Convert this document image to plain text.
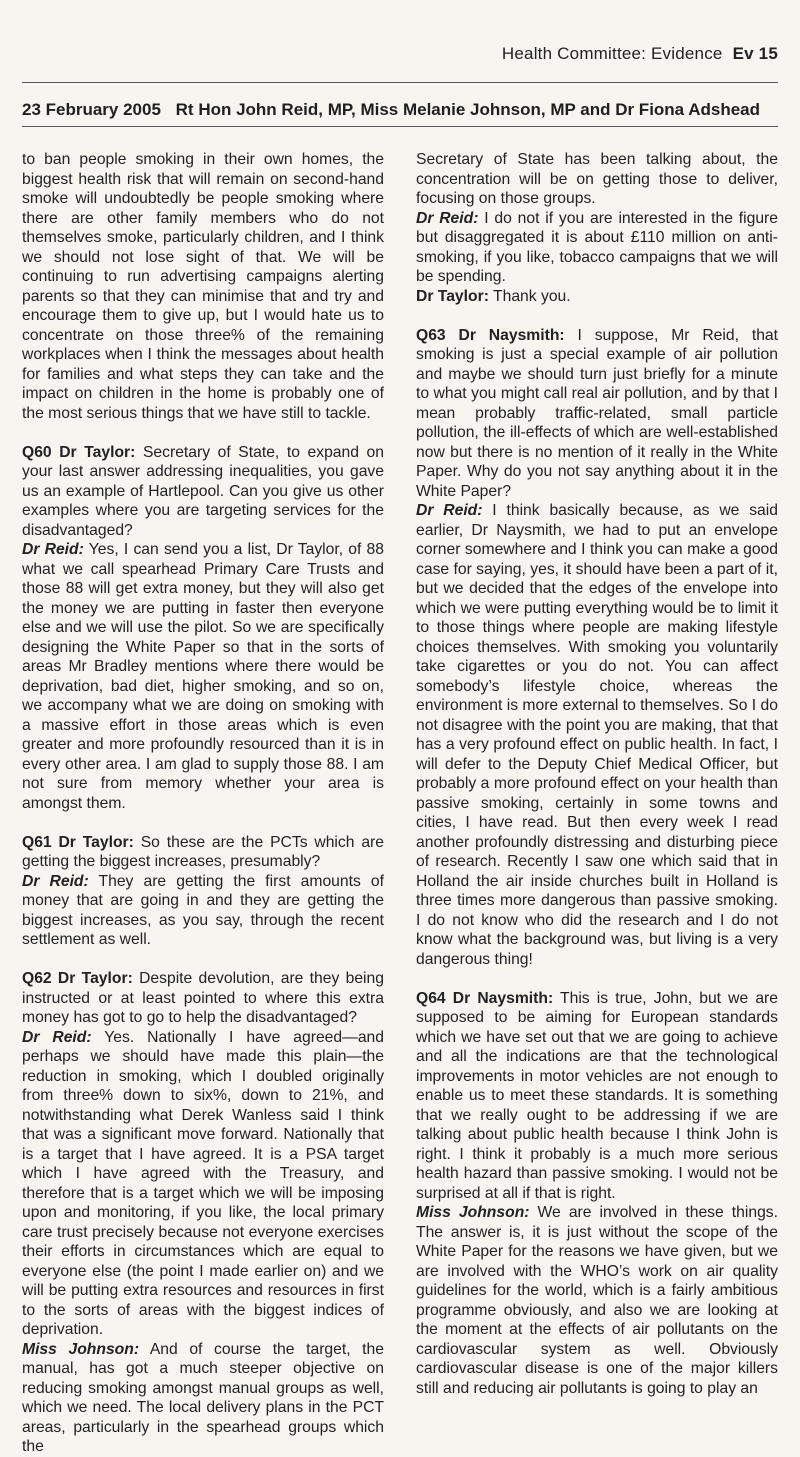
Health Committee: Evidence Ev 15
23 February 2005 Rt Hon John Reid, MP, Miss Melanie Johnson, MP and Dr Fiona Adshead

to ban people smoking in their own homes, the biggest health risk that will remain on second-hand smoke will undoubtedly be people smoking where there are other family members who do not themselves smoke, particularly children, and I think we should not lose sight of that. We will be continuing to run advertising campaigns alerting parents so that they can minimise that and try and encourage them to give up, but I would hate us to concentrate on those three% of the remaining workplaces when I think the messages about health for families and what steps they can take and the impact on children in the home is probably one of the most serious things that we have still to tackle.

Q60 Dr Taylor: Secretary of State, to expand on your last answer addressing inequalities, you gave us an example of Hartlepool. Can you give us other examples where you are targeting services for the disadvantaged?

Dr Reid: Yes, I can send you a list, Dr Taylor, of 88 what we call spearhead Primary Care Trusts and those 88 will get extra money, but they will also get the money we are putting in faster then everyone else and we will use the pilot. So we are specifically designing the White Paper so that in the sorts of areas Mr Bradley mentions where there would be deprivation, bad diet, higher smoking, and so on, we accompany what we are doing on smoking with a massive effort in those areas which is even greater and more profoundly resourced than it is in every other area. I am glad to supply those 88. I am not sure from memory whether your area is amongst them.

Q61 Dr Taylor: So these are the PCTs which are getting the biggest increases, presumably?

Dr Reid: They are getting the first amounts of money that are going in and they are getting the biggest increases, as you say, through the recent settlement as well.

Q62 Dr Taylor: Despite devolution, are they being instructed or at least pointed to where this extra money has got to go to help the disadvantaged?

Dr Reid: Yes. Nationally I have agreed—and perhaps we should have made this plain—the reduction in smoking, which I doubled originally from three% down to six%, down to 21%, and notwithstanding what Derek Wanless said I think that was a significant move forward. Nationally that is a target that I have agreed. It is a PSA target which I have agreed with the Treasury, and therefore that is a target which we will be imposing upon and monitoring, if you like, the local primary care trust precisely because not everyone exercises their efforts in circumstances which are equal to everyone else (the point I made earlier on) and we will be putting extra resources and resources in first to the sorts of areas with the biggest indices of deprivation.

Miss Johnson: And of course the target, the manual, has got a much steeper objective on reducing smoking amongst manual groups as well, which we need. The local delivery plans in the PCT areas, particularly in the spearhead groups which the

Secretary of State has been talking about, the concentration will be on getting those to deliver, focusing on those groups.

Dr Reid: I do not if you are interested in the figure but disaggregated it is about £110 million on anti-smoking, if you like, tobacco campaigns that we will be spending.

Dr Taylor: Thank you.

Q63 Dr Naysmith: I suppose, Mr Reid, that smoking is just a special example of air pollution and maybe we should turn just briefly for a minute to what you might call real air pollution, and by that I mean probably traffic-related, small particle pollution, the ill-effects of which are well-established now but there is no mention of it really in the White Paper. Why do you not say anything about it in the White Paper?

Dr Reid: I think basically because, as we said earlier, Dr Naysmith, we had to put an envelope corner somewhere and I think you can make a good case for saying, yes, it should have been a part of it, but we decided that the edges of the envelope into which we were putting everything would be to limit it to those things where people are making lifestyle choices themselves. With smoking you voluntarily take cigarettes or you do not. You can affect somebody’s lifestyle choice, whereas the environment is more external to themselves. So I do not disagree with the point you are making, that that has a very profound effect on public health. In fact, I will defer to the Deputy Chief Medical Officer, but probably a more profound effect on your health than passive smoking, certainly in some towns and cities, I have read. But then every week I read another profoundly distressing and disturbing piece of research. Recently I saw one which said that in Holland the air inside churches built in Holland is three times more dangerous than passive smoking. I do not know who did the research and I do not know what the background was, but living is a very dangerous thing!

Q64 Dr Naysmith: This is true, John, but we are supposed to be aiming for European standards which we have set out that we are going to achieve and all the indications are that the technological improvements in motor vehicles are not enough to enable us to meet these standards. It is something that we really ought to be addressing if we are talking about public health because I think John is right. I think it probably is a much more serious health hazard than passive smoking. I would not be surprised at all if that is right.

Miss Johnson: We are involved in these things. The answer is, it is just without the scope of the White Paper for the reasons we have given, but we are involved with the WHO’s work on air quality guidelines for the world, which is a fairly ambitious programme obviously, and also we are looking at the moment at the effects of air pollutants on the cardiovascular system as well. Obviously cardiovascular disease is one of the major killers still and reducing air pollutants is going to play an
